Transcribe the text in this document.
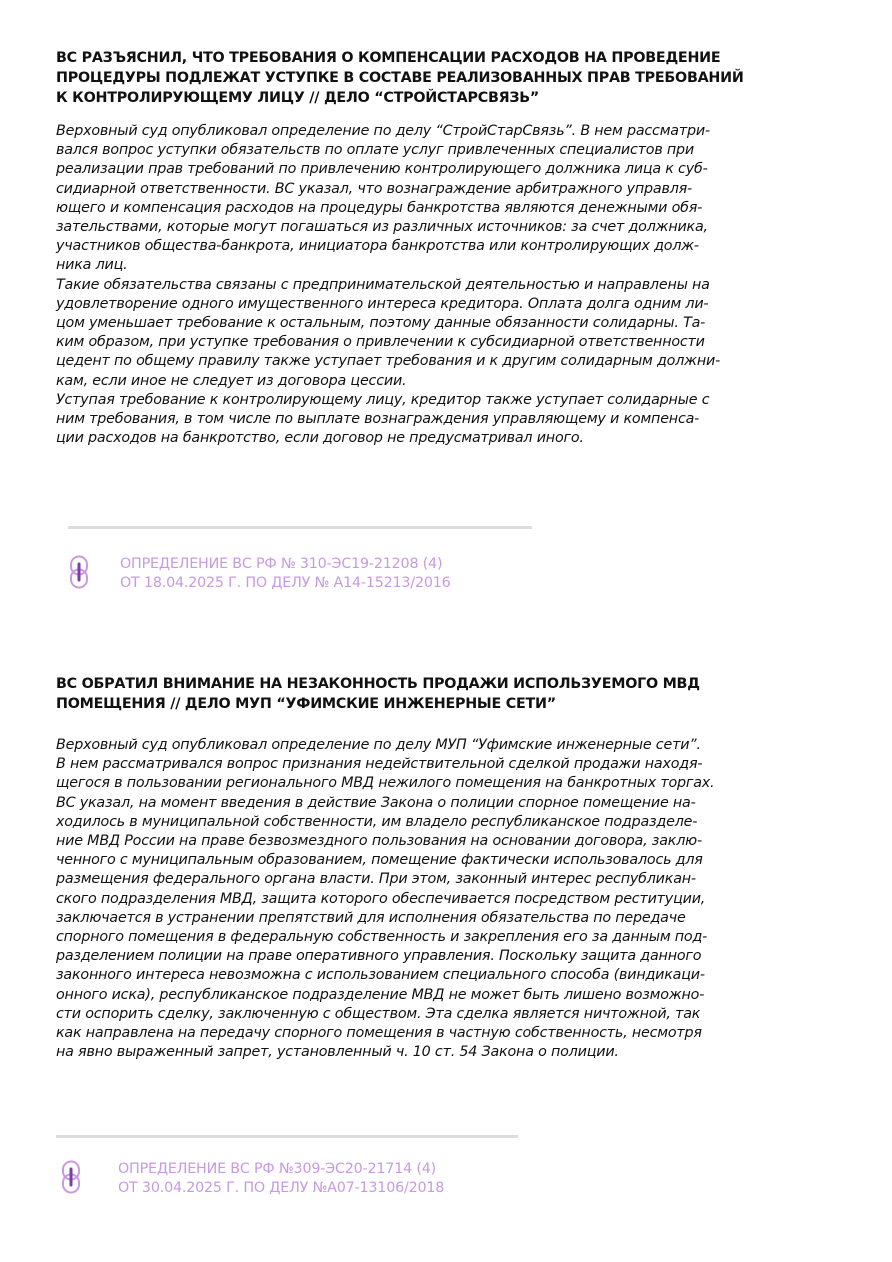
ВС РАЗЪЯСНИЛ, ЧТО ТРЕБОВАНИЯ О КОМПЕНСАЦИИ РАСХОДОВ НА ПРОВЕДЕНИЕ
ПРОЦЕДУРЫ ПОДЛЕЖАТ УСТУПКЕ В СОСТАВЕ РЕАЛИЗОВАННЫХ ПРАВ ТРЕБОВАНИЙ
К КОНТРОЛИРУЮЩЕМУ ЛИЦУ // ДЕЛО “СТРОЙСТАРСВЯЗЬ”
Верховный суд опубликовал определение по делу “СтройСтарСвязь”. В нем рассматри-
вался вопрос уступки обязательств по оплате услуг привлеченных специалистов при
реализации прав требований по привлечению контролирующего должника лица к суб-
сидиарной ответственности. ВС указал, что вознаграждение арбитражного управля-
ющего и компенсация расходов на процедуры банкротства являются денежными обя-
зательствами, которые могут погашаться из различных источников: за счет должника,
участников общества-банкрота, инициатора банкротства или контролирующих долж-
ника лиц.
Такие обязательства связаны с предпринимательской деятельностью и направлены на
удовлетворение одного имущественного интереса кредитора. Оплата долга одним ли-
цом уменьшает требование к остальным, поэтому данные обязанности солидарны. Та-
ким образом, при уступке требования о привлечении к субсидиарной ответственности
цедент по общему правилу также уступает требования и к другим солидарным должни-
кам, если иное не следует из договора цессии.
Уступая требование к контролирующему лицу, кредитор также уступает солидарные с
ним требования, в том числе по выплате вознаграждения управляющему и компенса-
ции расходов на банкротство, если договор не предусматривал иного.
ОПРЕДЕЛЕНИЕ ВС РФ № 310-ЭС19-21208 (4)
ОТ 18.04.2025 Г. ПО ДЕЛУ № А14-15213/2016
ВС ОБРАТИЛ ВНИМАНИЕ НА НЕЗАКОННОСТЬ ПРОДАЖИ ИСПОЛЬЗУЕМОГО МВД
ПОМЕЩЕНИЯ // ДЕЛО МУП “УФИМСКИЕ ИНЖЕНЕРНЫЕ СЕТИ”
Верховный суд опубликовал определение по делу МУП “Уфимские инженерные сети”.
В нем рассматривался вопрос признания недействительной сделкой продажи находя-
щегося в пользовании регионального МВД нежилого помещения на банкротных торгах.
ВС указал, на момент введения в действие Закона о полиции спорное помещение на-
ходилось в муниципальной собственности, им владело республиканское подразделе-
ние МВД России на праве безвозмездного пользования на основании договора, заклю-
ченного с муниципальным образованием, помещение фактически использовалось для
размещения федерального органа власти. При этом, законный интерес республикан-
ского подразделения МВД, защита которого обеспечивается посредством реституции,
заключается в устранении препятствий для исполнения обязательства по передаче
спорного помещения в федеральную собственность и закрепления его за данным под-
разделением полиции на праве оперативного управления. Поскольку защита данного
законного интереса невозможна с использованием специального способа (виндикаци-
онного иска), республиканское подразделение МВД не может быть лишено возможно-
сти оспорить сделку, заключенную с обществом. Эта сделка является ничтожной, так
как направлена на передачу спорного помещения в частную собственность, несмотря
на явно выраженный запрет, установленный ч. 10 ст. 54 Закона о полиции.
ОПРЕДЕЛЕНИЕ ВС РФ №309-ЭС20-21714 (4)
ОТ 30.04.2025 Г. ПО ДЕЛУ №А07-13106/2018
